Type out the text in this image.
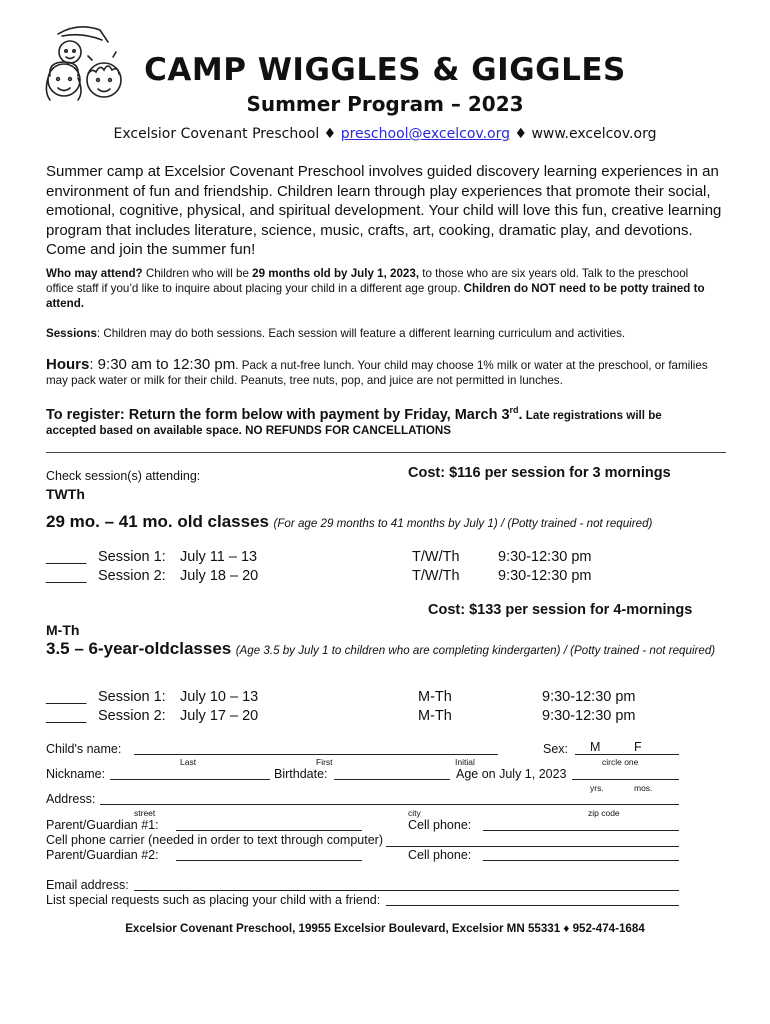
CAMP WIGGLES & GIGGLES
Summer Program – 2023
Excelsior Covenant Preschool ♦ preschool@excelcov.org ♦ www.excelcov.org
Summer camp at Excelsior Covenant Preschool involves guided discovery learning experiences in an environment of fun and friendship. Children learn through play experiences that promote their social, emotional, cognitive, physical, and spiritual development. Your child will love this fun, creative learning program that includes literature, science, music, crafts, art, cooking, dramatic play, and devotions. Come and join the summer fun!
Who may attend? Children who will be 29 months old by July 1, 2023, to those who are six years old. Talk to the preschool office staff if you’d like to inquire about placing your child in a different age group. Children do NOT need to be potty trained to attend.
Sessions: Children may do both sessions. Each session will feature a different learning curriculum and activities.
Hours: 9:30 am to 12:30 pm. Pack a nut-free lunch. Your child may choose 1% milk or water at the preschool, or families may pack water or milk for their child. Peanuts, tree nuts, pop, and juice are not permitted in lunches.
To register: Return the form below with payment by Friday, March 3rd. Late registrations will be
accepted based on available space. NO REFUNDS FOR CANCELLATIONS
Check session(s) attending:	Cost: $116 per session for 3 mornings
TWTh
29 mo. – 41 mo. old classes (For age 29 months to 41 months by July 1) / (Potty trained - not required)
_____ Session 1: July 11 – 13	T/W/Th	9:30-12:30 pm
_____ Session 2: July 18 – 20	T/W/Th	9:30-12:30 pm
Cost: $133 per session for 4-mornings
M-Th
3.5 – 6-year-oldclasses (Age 3.5 by July 1 to children who are completing kindergarten) / (Potty trained - not required)
_____ Session 1: July 10 – 13	M-Th	9:30-12:30 pm
_____ Session 2: July 17 – 20	M-Th	9:30-12:30 pm
Child's name:
Last	First	Initial
Sex: M	F
circle one
Nickname:	Birthdate:	Age on July 1, 2023
yrs.	mos.
Address:
street	city	zip code
Parent/Guardian #1:	Cell phone:
Cell phone carrier (needed in order to text through computer)
Parent/Guardian #2:	Cell phone:
Email address:
List special requests such as placing your child with a friend:
Excelsior Covenant Preschool, 19955 Excelsior Boulevard, Excelsior MN 55331 ♦ 952-474-1684
